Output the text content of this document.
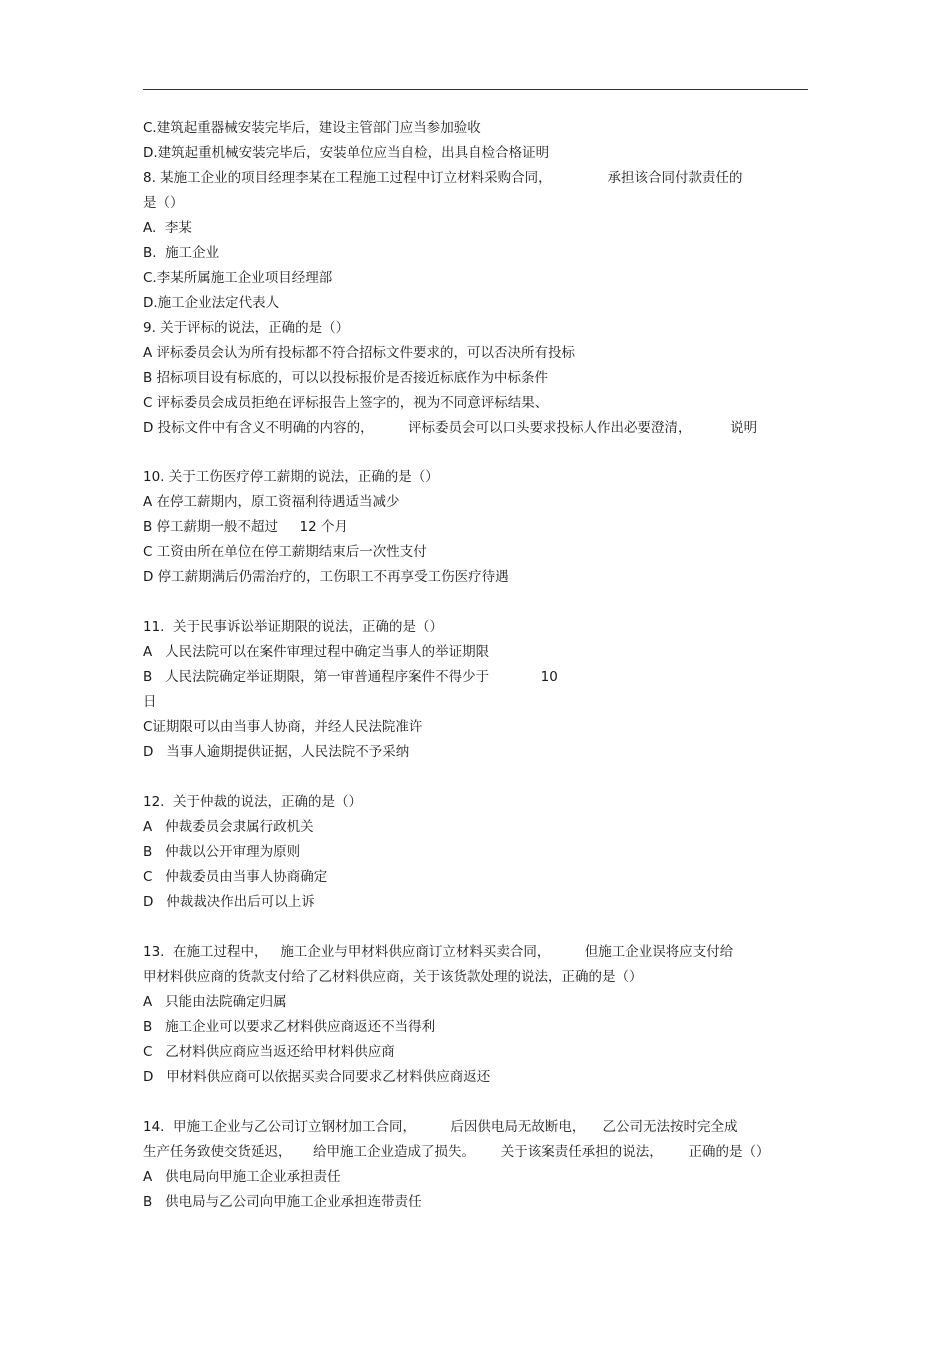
C.建筑起重器械安装完毕后，建设主管部门应当参加验收
D.建筑起重机械安装完毕后，安装单位应当自检，出具自检合格证明
8. 某施工企业的项目经理李某在工程施工过程中订立材料采购合同，             承担该合同付款责任的
是（）
A.  李某
B.  施工企业
C.李某所属施工企业项目经理部
D.施工企业法定代表人
9. 关于评标的说法，正确的是（）
A 评标委员会认为所有投标都不符合招标文件要求的，可以否决所有投标
B 招标项目设有标底的，可以以投标报价是否接近标底作为中标条件
C 评标委员会成员拒绝在评标报告上签字的，视为不同意评标结果、
D 投标文件中有含义不明确的内容的，        评标委员会可以口头要求投标人作出必要澄清，         说明
10. 关于工伤医疗停工薪期的说法，正确的是（）
A 在停工薪期内，原工资福利待遇适当减少
B 停工薪期一般不超过     12 个月
C 工资由所在单位在停工薪期结束后一次性支付
D 停工薪期满后仍需治疗的，工伤职工不再享受工伤医疗待遇
11.  关于民事诉讼举证期限的说法，正确的是（）
A   人民法院可以在案件审理过程中确定当事人的举证期限
B   人民法院确定举证期限，第一审普通程序案件不得少于            10
日
C证期限可以由当事人协商，并经人民法院准许
D   当事人逾期提供证据，人民法院不予采纳
12.  关于仲裁的说法，正确的是（）
A   仲裁委员会隶属行政机关
B   仲裁以公开审理为原则
C   仲裁委员由当事人协商确定
D   仲裁裁决作出后可以上诉
13.  在施工过程中，   施工企业与甲材料供应商订立材料买卖合同，        但施工企业误将应支付给
甲材料供应商的货款支付给了乙材料供应商，关于该货款处理的说法，正确的是（）
A   只能由法院确定归属
B   施工企业可以要求乙材料供应商返还不当得利
C   乙材料供应商应当返还给甲材料供应商
D   甲材料供应商可以依据买卖合同要求乙材料供应商返还
14.  甲施工企业与乙公司订立钢材加工合同，        后因供电局无故断电，    乙公司无法按时完全成
生产任务致使交货延迟，     给甲施工企业造成了损失。      关于该案责任承担的说法，      正确的是（）
A   供电局向甲施工企业承担责任
B   供电局与乙公司向甲施工企业承担连带责任
